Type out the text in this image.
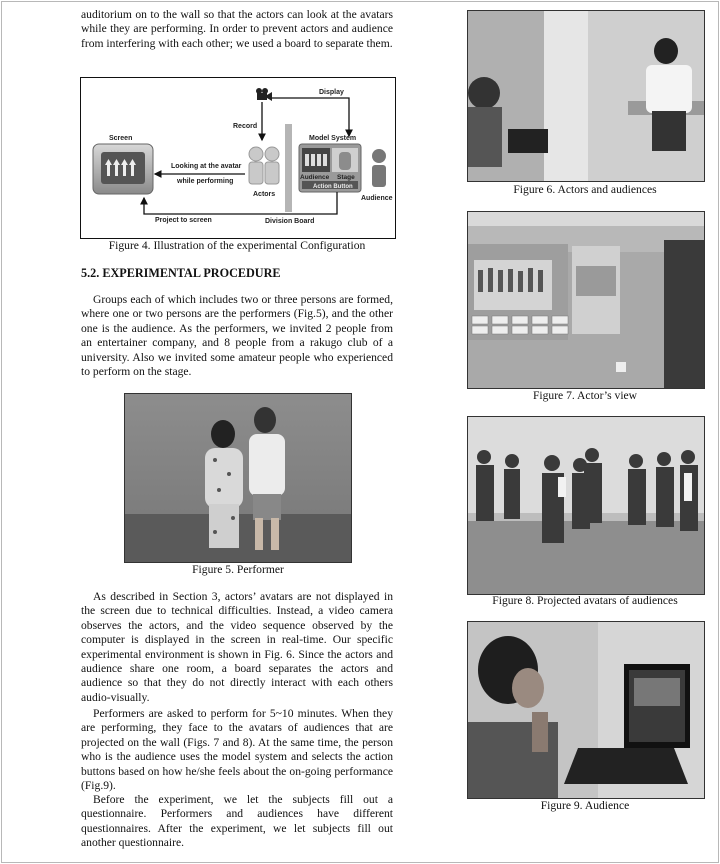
auditorium on to the wall so that the actors can look at the avatars while they are performing. In order to prevent actors and audience from interfering with each other; we used a board to separate them.

Screen
Display
Record
Actors
Looking at the avatar
while performing
Division Board
Model System
Audience Stage
Action Button
Audience
Project to screen
Figure 4. Illustration of the experimental Configuration
5.2. EXPERIMENTAL PROCEDURE

Groups each of which includes two or three persons are formed, where one or two persons are the performers (Fig.5), and the other one is the audience. As the performers, we invited 2 people from an entertainer company, and 8 people from a rakugo club of a university. Also we invited some amateur people who experienced to perform on the stage.

Figure 5. Performer

As described in Section 3, actors’ avatars are not displayed in the screen due to technical difficulties. Instead, a video camera observes the actors, and the video sequence observed by the computer is displayed in the screen in real-time. Our specific experimental environment is shown in Fig. 6. Since the actors and audience share one room, a board separates the actors and audience so that they do not directly interact with each others audio-visually.

Performers are asked to perform for 5~10 minutes. When they are performing, they face to the avatars of audiences that are projected on the wall (Figs. 7 and 8). At the same time, the person who is the audience uses the model system and selects the action buttons based on how he/she feels about the on-going performance (Fig.9).

Before the experiment, we let the subjects fill out a questionnaire. Performers and audiences have different questionnaires. After the experiment, we let subjects fill out another questionnaire.

Figure 6. Actors and audiences
Figure 7. Actor’s view
Figure 8. Projected avatars of audiences
Figure 9. Audience
